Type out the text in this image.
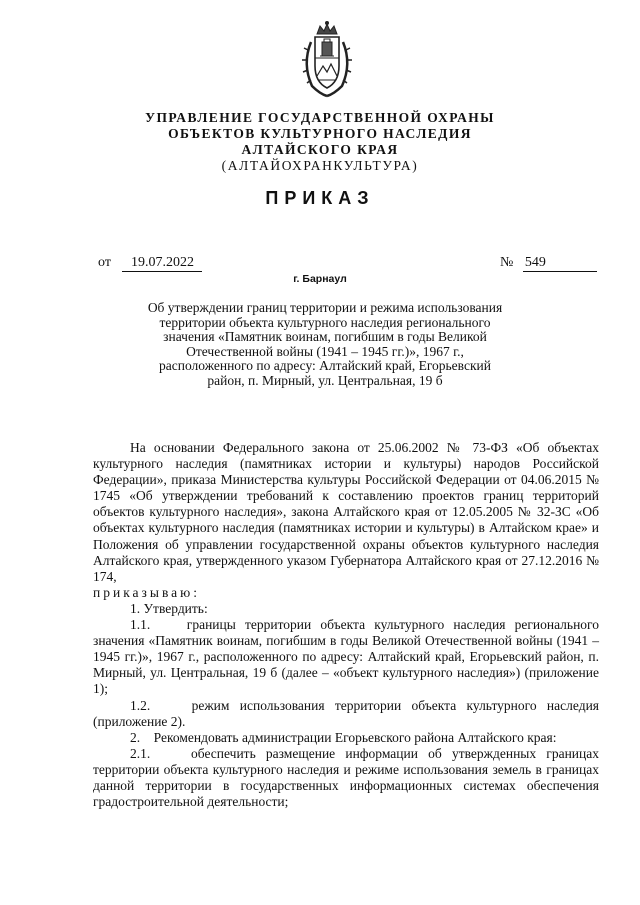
УПРАВЛЕНИЕ ГОСУДАРСТВЕННОЙ ОХРАНЫ
ОБЪЕКТОВ КУЛЬТУРНОГО НАСЛЕДИЯ
АЛТАЙСКОГО КРАЯ
(АЛТАЙОХРАНКУЛЬТУРА)
ПРИКАЗ
от 19.07.2022	№ 549
г. Барнаул
Об утверждении границ территории и режима использования
территории объекта культурного наследия регионального
значения «Памятник воинам, погибшим в годы Великой
Отечественной войны (1941 – 1945 гг.)», 1967 г.,
расположенного по адресу: Алтайский край, Егорьевский
район, п. Мирный, ул. Центральная, 19 б

На основании Федерального закона от 25.06.2002 № 73-ФЗ «Об объектах культурного наследия (памятниках истории и культуры) народов Российской Федерации», приказа Министерства культуры Российской Федерации от 04.06.2015 № 1745 «Об утверждении требований к составлению проектов границ территорий объектов культурного наследия», закона Алтайского края от 12.05.2005 № 32-ЗС «Об объектах культурного наследия (памятниках истории и культуры) в Алтайском крае» и Положения об управлении государственной охраны объектов культурного наследия Алтайского края, утвержденного указом Губернатора Алтайского края от 27.12.2016 № 174,

приказываю:

1. Утвердить:

1.1.    границы территории объекта культурного наследия регионального значения «Памятник воинам, погибшим в годы Великой Отечественной войны (1941 – 1945 гг.)», 1967 г., расположенного по адресу: Алтайский край, Егорьевский район, п. Мирный, ул. Центральная, 19 б (далее – «объект культурного наследия») (приложение 1);

1.2.    режим использования территории объекта культурного наследия (приложение 2).

2.    Рекомендовать администрации Егорьевского района Алтайского края:

2.1.    обеспечить размещение информации об утвержденных границах территории объекта культурного наследия и режиме использования земель в границах данной территории в государственных информационных системах обеспечения градостроительной деятельности;
